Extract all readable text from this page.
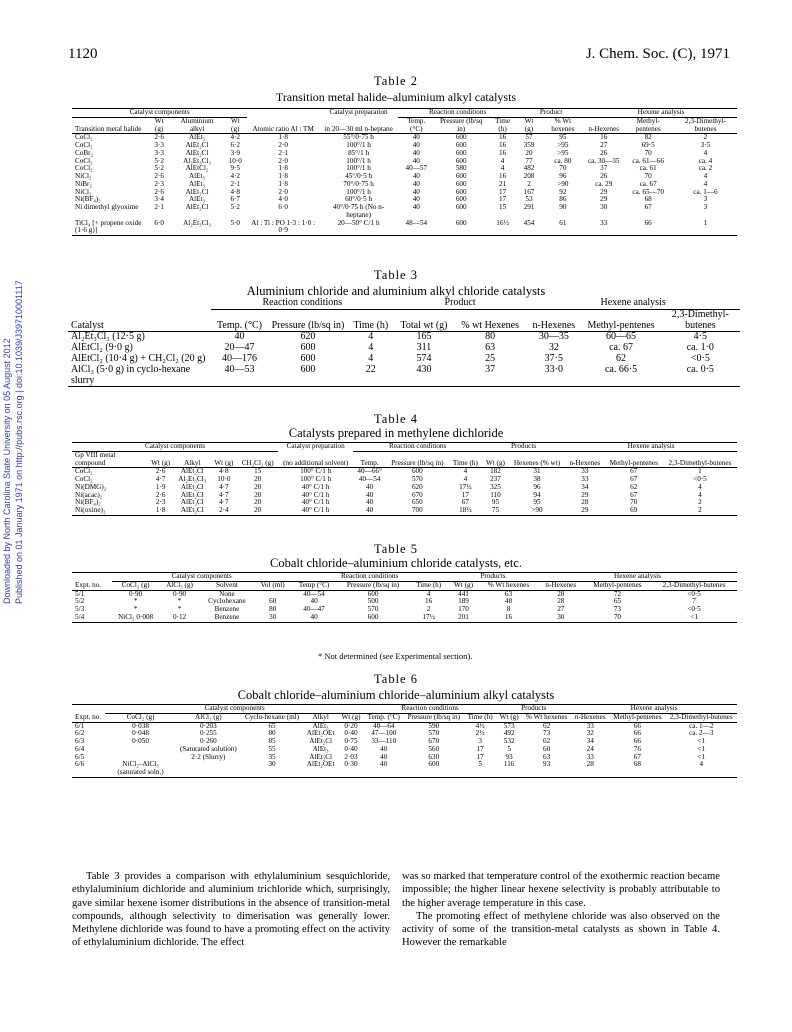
1120	J. Chem. Soc. (C), 1971
Downloaded by North Carolina State University on 05 August 2012 Published on 01 January 1971 on http://pubs.rsc.org | doi:10.1039/J39710001117
Table 2
Transition metal halide–aluminium alkyl catalysts
Catalyst components					Catalyst preparation	Reaction conditions			Product		Hexene analysis		
Transition metal halide	Wt (g)	Aluminium alkyl	Wt (g)	Atomic ratio Al : TM	in 20—30 ml n-heptane	Temp. (°C)	Pressure (lb/sq in)	Time (h)	Wt (g)	% Wt hexenes	n-Hexenes	Methyl-pentenes	2,3-Dimethyl-butenes
CoCl₂	2·6	AlEt₃	4·2	1·8	55°/0·75 h	40	600	16	57	95	16	82	2
CoCl₂	3·3	AlEt₂Cl	6·2	2·0	100°/1 h	40	600	16	359	>95	27	69·5	3·5
CoBr₂	3·3	AlEt₂Cl	3·9	2·1	85°/1 h	40	600	16	20	>95	26	70	4
CoCl₂	5·2	Al₂Et₃Cl₃	10·0	2·0	100°/1 h	40	600	4	77	ca. 80	ca. 30—35	ca. 61—66	ca. 4
CoCl₂	5·2	AlEtCl₂	9·5	1·8	100°/1 h	40—57	580	4	482	70	37	ca. 61	ca. 2
NiCl₂	2·6	AlEt₃	4·2	1·8	45°/0·5 h	40	600	16	208	96	26	70	4
NiBr₂	2·3	AlEt₃	2·1	1·8	70°/0·75 h	40	600	21	2	>90	ca. 29	ca. 67	4
NiCl₂	2·6	AlEt₂Cl	4·8	2·0	100°/1 h	40	600	17	167	92	29	ca. 65—70	ca. 1—6
Ni(BF₄)₂	3·4	AlEt₃	6·7	4·0	60°/0·5 h	40	600	17	53	86	29	68	3
Ni dimethyl glyoxime	2·1	AlEt₂Cl	5·2	6·0	40°/0·75 h (No n-heptane)	40	600	15	291	90	30	67	3
TiCl₄ [+ propene oxide (1·6 g)]	6·0	Al₂Et₃Cl₃	5·0	Al : Ti : PO 1·3 : 1·0 : 0·9	20—50° C/1 h	48—54	600	16½	454	61	33	66	1
Table 3
Aluminium chloride and aluminium alkyl chloride catalysts
	Reaction conditions			Product		Hexene analysis		
Catalyst	Temp. (°C)	Pressure (lb/sq in)	Time (h)	Total wt (g)	% wt Hexenes	n-Hexenes	Methyl-pentenes	2,3-Dimethyl-butenes
Al₂Et₃Cl₃ (12·5 g)	40	620	4	165	80	30—35	60—65	4·5
AlEtCl₂ (9·0 g)	20—47	600	4	311	63	32	ca. 67	ca. 1·0
AlEtCl₂ (10·4 g) + CH₂Cl₂ (20 g)	40—176	600	4	574	25	37·5	62	<0·5
AlCl₃ (5·0 g) in cyclo-hexane slurry	40—53	600	22	430	37	33·0	ca. 66·5	ca. 0·5
Table 4
Catalysts prepared in methylene dichloride
Catalyst components					Catalyst preparation	Reaction conditions			Products		Hexene analysis		
Gp VIII metal compound	Wt (g)	Alkyl	Wt (g)	CH₂Cl₂ (g)	(no additional solvent)	Temp.	Pressure (lb/sq in)	Time (h)	Wt (g)	Hexenes (% wt)	n-Hexenes	Methyl-pentenes	2,3-Dimethyl-butenes
CoCl₂	2·6	AlEt₂Cl	4·8	15	100° C/1 h	40—66°	600	4	182	31	33	67	1
CoCl₂	4·7	Al₂Et₃Cl₃	10·0	20	100° C/1 h	40—54	570	4	237	38	33	67	<0·5
Ni(DMG)₂	1·9	AlEt₂Cl	4·7	20	40° C/1 h	40	620	17½	325	96	34	62	4
Ni(acac)₂	2·6	AlEt₂Cl	4·7	20	40° C/1 h	40	670	17	110	94	29	67	4
Ni(BF₄)₂	2·3	AlEt₂Cl	4·7	20	40° C/1 h	40	650	67	95	95	28	70	2
Ni(oxine)₂	1·8	AlEt₂Cl	2·4	20	40° C/1 h	40	700	18½	75	>90	29	69	2
Table 5
Cobalt chloride–aluminium chloride catalysts, etc.
	Catalyst components				Reaction conditions			Products		Hexene analysis		
Expt. no.	CoCl₂ (g)	AlCl₃ (g)	Solvent	Vol (ml)	Temp (°C)	Pressure (lb/sq in)	Time (h)	Wt (g)	% Wt hexenes	n-Hexenes	Methyl-pentenes	2,3-Dimethyl-butenes
5/1	0·90	0·90	None		40—54	600	4	441	63	28	72	<0·5
5/2	*	*	Cyclohexane	60	40	500	16	189	48	28	65	7
5/3	*	*	Benzene	80	40—47	570	2	170	8	27	73	<0·5
5/4	NiCl₂ 0·008	0·12	Benzene	30	40	600	17½	201	16	30	70	<1
* Not determined (see Experimental section).
Table 6
Cobalt chloride–aluminium chloride–aluminium alkyl catalysts
	Catalyst components					Reaction conditions			Products		Hexene analysis		
Expt. no.	CoCl₂ (g)	AlCl₃ (g)	Cyclo-hexane (ml)	Alkyl	Wt (g)	Temp. (°C)	Pressure (lb/sq in)	Time (h)	Wt (g)	% Wt hexenes	n-Hexenes	Methyl-pentenes	2,3-Dimethyl-butenes
6/1	0·038	0·203	65	AlEt₃	0·20	40—64	590	4½	573	62	33	66	ca. 1—2
6/2	0·048	0·255	80	AlEt₂OEt	0·40	47—100	570	2½	492	73	32	66	ca. 2—3
6/3	0·050	0·260	85	AlEt₂Cl	0·75	33—110	670	3	532	62	34	66	<1
6/4		(Saturated solution)	55	AlEt₃	0·40	40	560	17	5	60	24	76	<1
6/5		2·2 (Slurry)	35	AlEt₂Cl	2·03	40	630	17	93	63	33	67	<1
6/6	NiCl₂–AlCl₃ (saturated soln.)		30	AlEt₂OEt	0·30	40	600	5	116	93	28	68	4

Table 3 provides a comparison with ethylaluminium sesquichloride, ethylaluminium dichloride and aluminium trichloride which, surprisingly, gave similar hexene isomer distributions in the absence of transition-metal compounds, although selectivity to dimerisation was generally lower. Methylene dichloride was found to have a promoting effect on the activity of ethylaluminium dichloride. The effect

was so marked that temperature control of the exothermic reaction became impossible; the higher linear hexene selectivity is probably attributable to the higher average temperature in this case.

The promoting effect of methylene chloride was also observed on the activity of some of the transition-metal catalysts as shown in Table 4. However the remarkable
